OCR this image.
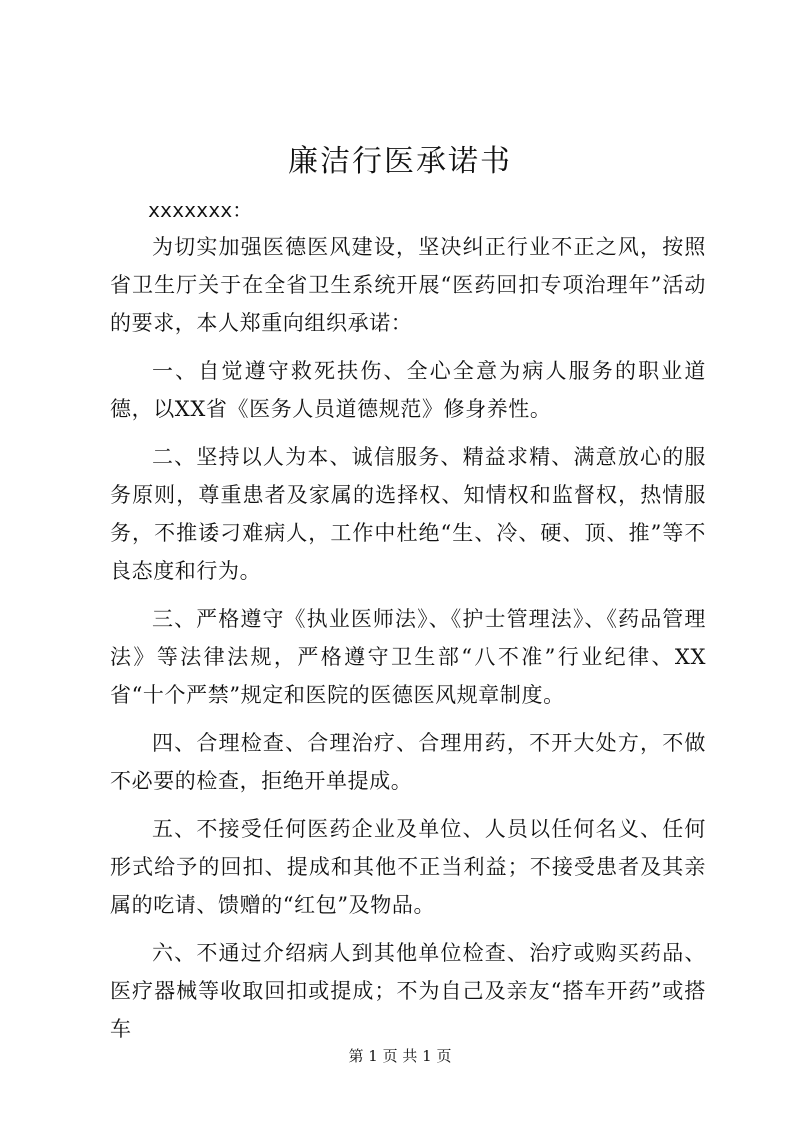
廉洁行医承诺书
xxxxxxx：

为切实加强医德医风建设，坚决纠正行业不正之风，按照省卫生厅关于在全省卫生系统开展“医药回扣专项治理年”活动的要求，本人郑重向组织承诺：

一、自觉遵守救死扶伤、全心全意为病人服务的职业道德，以XX省《医务人员道德规范》修身养性。

二、坚持以人为本、诚信服务、精益求精、满意放心的服务原则，尊重患者及家属的选择权、知情权和监督权，热情服务，不推诿刁难病人，工作中杜绝“生、冷、硬、顶、推”等不良态度和行为。

三、严格遵守《执业医师法》、《护士管理法》、《药品管理法》等法律法规，严格遵守卫生部“八不准”行业纪律、XX省“十个严禁”规定和医院的医德医风规章制度。

四、合理检查、合理治疗、合理用药，不开大处方，不做不必要的检查，拒绝开单提成。

五、不接受任何医药企业及单位、人员以任何名义、任何形式给予的回扣、提成和其他不正当利益；不接受患者及其亲属的吃请、馈赠的“红包”及物品。

六、不通过介绍病人到其他单位检查、治疗或购买药品、医疗器械等收取回扣或提成；不为自己及亲友“搭车开药”或搭车

第 1 页 共 1 页
